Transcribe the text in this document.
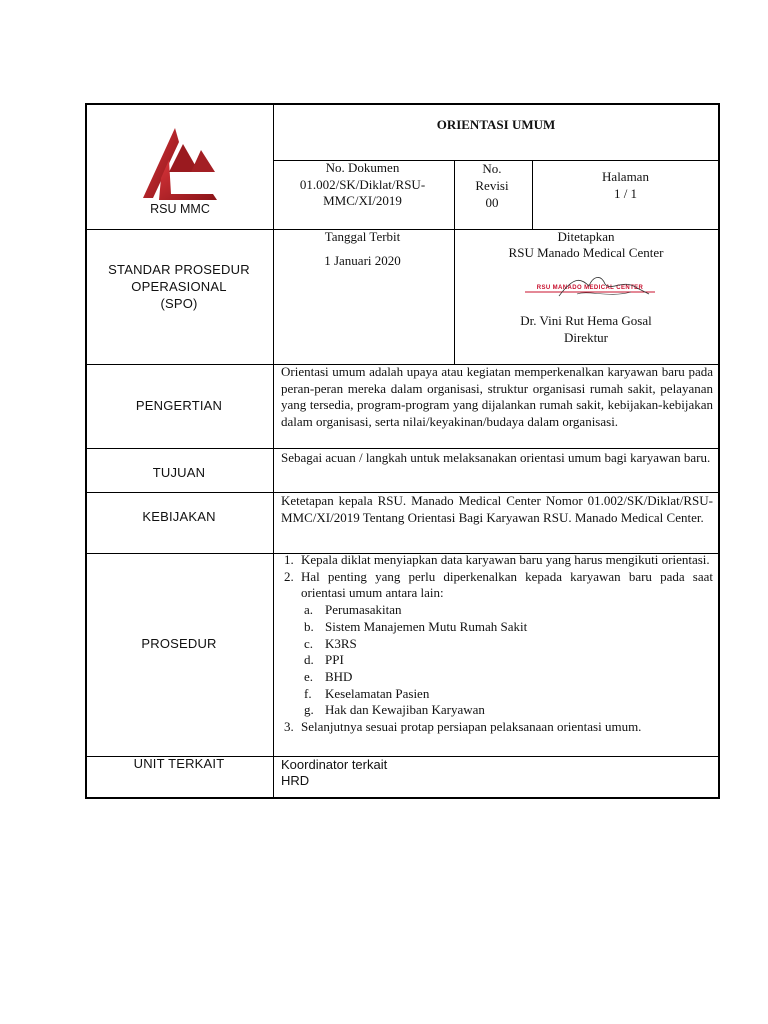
RSU MMC
ORIENTASI UMUM
No. Dokumen
01.002/SK/Diklat/RSU-MMC/XI/2019
No.
Revisi
00
Halaman
1 / 1
STANDAR PROSEDUR
OPERASIONAL
(SPO)
Tanggal Terbit
1 Januari 2020
Ditetapkan
RSU Manado Medical Center
RSU MANADO MEDICAL CENTER
Dr. Vini Rut Hema Gosal
Direktur
PENGERTIAN
Orientasi umum adalah upaya atau kegiatan memperkenalkan karyawan baru pada peran-peran mereka dalam organisasi, struktur organisasi rumah sakit, pelayanan yang tersedia, program-program yang dijalankan rumah sakit, kebijakan-kebijakan dalam organisasi, serta nilai/keyakinan/budaya dalam organisasi.
TUJUAN
Sebagai acuan / langkah untuk melaksanakan orientasi umum bagi karyawan baru.
KEBIJAKAN
Ketetapan kepala RSU. Manado Medical Center Nomor 01.002/SK/Diklat/RSU-MMC/XI/2019 Tentang Orientasi Bagi Karyawan RSU. Manado Medical Center.
PROSEDUR
1. Kepala diklat menyiapkan data karyawan baru yang harus mengikuti orientasi.
2. Hal penting yang perlu diperkenalkan kepada karyawan baru pada saat orientasi umum antara lain:
a. Perumasakitan
b. Sistem Manajemen Mutu Rumah Sakit
c. K3RS
d. PPI
e. BHD
f. Keselamatan Pasien
g. Hak dan Kewajiban Karyawan
3. Selanjutnya sesuai protap persiapan pelaksanaan orientasi umum.
UNIT TERKAIT	Koordinator terkait
HRD
